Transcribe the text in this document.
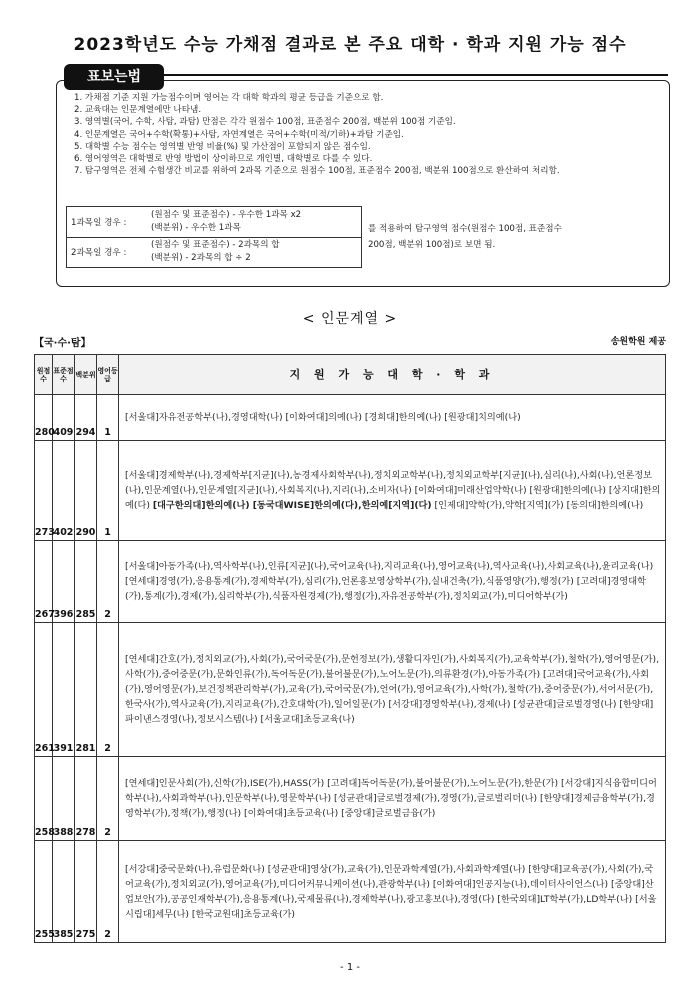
2023학년도 수능 가채점 결과로 본 주요 대학 · 학과 지원 가능 점수
표보는법
1. 가채점 기준 지원 가능점수이며 영어는 각 대학 학과의 평균 등급을 기준으로 함.
2. 교육대는 인문계열에만 나타냄.
3. 영역별(국어, 수학, 사탐, 과탐) 만점은 각각 원점수 100점, 표준점수 200점, 백분위 100점 기준임.
4. 인문계열은 국어+수학(확통)+사탐, 자연계열은 국어+수학(미적/기하)+과탐 기준임.
5. 대학별 수능 점수는 영역별 반영 비율(%) 및 가산점이 포함되지 않은 점수임.
6. 영어영역은 대학별로 반영 방법이 상이하므로 개인별, 대학별로 다를 수 있다.
7. 탐구영역은 전체 수험생간 비교를 위하여 2과목 기준으로 원점수 100점, 표준점수 200점, 백분위 100점으로 환산하여 처리함.
1과목일 경우 :
(원점수 및 표준점수) - 우수한 1과목 x2
(백분위) - 우수한 1과목
2과목일 경우 :
(원점수 및 표준점수) - 2과목의 합
(백분위) - 2과목의 합 ÷ 2
를 적용하여 탐구영역 점수(원점수 100점, 표준점수
200점, 백분위 100점)로 보면 됨.
< 인문계열 >
【국·수·탐】	송원학원 제공
원점수	표준점수	백분위	영어등급	지 원 가 능 대 학 · 학 과
280	409	294	1	[서울대]자유전공학부(나),경영대학(나) [이화여대]의예(나) [경희대]한의예(나) [원광대]치의예(나)
273	402	290	1	[서울대]경제학부(나),경제학부[지균](나),농경제사회학부(나),정치외교학부(나),정치외교학부[지균](나),심리(나),사회(나),언론정보(나),인문계열(나),인문계열[지균](나),사회복지(나),지리(나),소비자(나) [이화여대]미래산업약학(나) [원광대]한의예(나) [상지대]한의예(다) [대구한의대]한의예(나) [동국대WISE]한의예(다),한의예[지역](다) [인제대]약학(가),약학[지역](가) [동의대]한의예(나)
267	396	285	2	[서울대]아동가족(나),역사학부(나),인류[지균](나),국어교육(나),지리교육(나),영어교육(나),역사교육(나),사회교육(나),윤리교육(나) [연세대]경영(가),응용통계(가),경제학부(가),심리(가),언론홍보영상학부(가),실내건축(가),식품영양(가),행정(가) [고려대]경영대학(가),통계(가),경제(가),심리학부(가),식품자원경제(가),행정(가),자유전공학부(가),정치외교(가),미디어학부(가)
261	391	281	2	[연세대]간호(가),정치외교(가),사회(가),국어국문(가),문헌정보(가),생활디자인(가),사회복지(가),교육학부(가),철학(가),영어영문(가),사학(가),중어중문(가),문화인류(가),독어독문(가),불어불문(가),노어노문(가),의류환경(가),아동가족(가) [고려대]국어교육(가),사회(가),영어영문(가),보건정책관리학부(가),교육(가),국어국문(가),언어(가),영어교육(가),사학(가),철학(가),중어중문(가),서어서문(가),한국사(가),역사교육(가),지리교육(가),간호대학(가),일어일문(가) [서강대]경영학부(나),경제(나) [성균관대]글로벌경영(나) [한양대]파이낸스경영(나),정보시스템(나) [서울교대]초등교육(나)
258	388	278	2	[연세대]인문사회(가),신학(가),ISE(가),HASS(가) [고려대]독어독문(가),불어불문(가),노어노문(가),한문(가) [서강대]지식융합미디어학부(나),사회과학부(나),인문학부(나),영문학부(나) [성균관대]글로벌경제(가),경영(가),글로벌리더(나) [한양대]경제금융학부(가),경영학부(가),정책(가),행정(나) [이화여대]초등교육(나) [중앙대]글로벌금융(가)
255	385	275	2	[서강대]중국문화(나),유럽문화(나) [성균관대]영상(가),교육(가),인문과학계열(가),사회과학계열(나) [한양대]교육공(가),사회(가),국어교육(가),정치외교(가),영어교육(가),미디어커뮤니케이션(나),관광학부(나) [이화여대]인공지능(나),데이터사이언스(나) [중앙대]산업보안(가),공공인재학부(가),응용통계(나),국제물류(나),경제학부(나),광고홍보(나),경영(다) [한국외대]LT학부(가),LD학부(나) [서울시립대]세무(나) [한국교원대]초등교육(가)
- 1 -
